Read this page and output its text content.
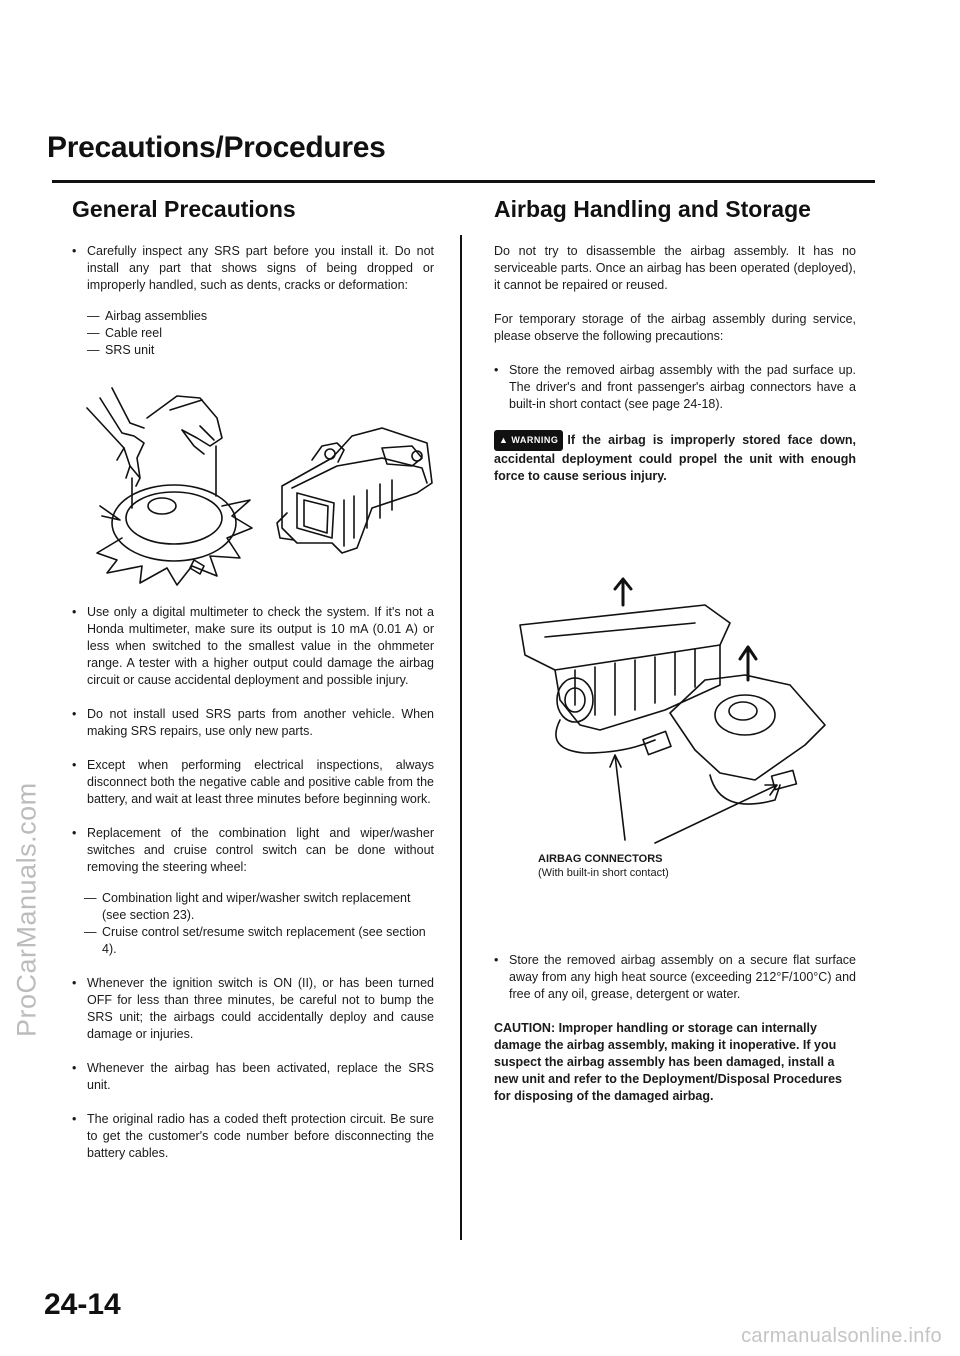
ProCarManuals.com
carmanualsonline.info
Precautions/Procedures
General Precautions

• Carefully inspect any SRS part before you install it. Do not install any part that shows signs of being dropped or improperly handled, such as dents, cracks or deformation:

— Airbag assemblies
— Cable reel
— SRS unit

• Use only a digital multimeter to check the system. If it's not a Honda multimeter, make sure its output is 10 mA (0.01 A) or less when switched to the smallest value in the ohmmeter range. A tester with a higher output could damage the airbag circuit or cause accidental deployment and possible injury.

• Do not install used SRS parts from another vehicle. When making SRS repairs, use only new parts.

• Except when performing electrical inspections, always disconnect both the negative cable and positive cable from the battery, and wait at least three minutes before beginning work.

• Replacement of the combination light and wiper/washer switches and cruise control switch can be done without removing the steering wheel:

— Combination light and wiper/washer switch replacement (see section 23).
— Cruise control set/resume switch replacement (see section 4).

• Whenever the ignition switch is ON (II), or has been turned OFF for less than three minutes, be careful not to bump the SRS unit; the airbags could accidentally deploy and cause damage or injuries.

• Whenever the airbag has been activated, replace the SRS unit.

• The original radio has a coded theft protection circuit. Be sure to get the customer's code number before disconnecting the battery cables.

Airbag Handling and Storage

Do not try to disassemble the airbag assembly. It has no serviceable parts. Once an airbag has been operated (deployed), it cannot be repaired or reused.

For temporary storage of the airbag assembly during service, please observe the following precautions:

• Store the removed airbag assembly with the pad surface up. The driver's and front passenger's airbag connectors have a built-in short contact (see page 24-18).

▲ WARNING If the airbag is improperly stored face down, accidental deployment could propel the unit with enough force to cause serious injury.

AIRBAG CONNECTORS
(With built-in short contact)

• Store the removed airbag assembly on a secure flat surface away from any high heat source (exceeding 212°F/100°C) and free of any oil, grease, detergent or water.

CAUTION: Improper handling or storage can internally damage the airbag assembly, making it inoperative. If you suspect the airbag assembly has been damaged, install a new unit and refer to the Deployment/Disposal Procedures for disposing of the damaged airbag.

24-14
